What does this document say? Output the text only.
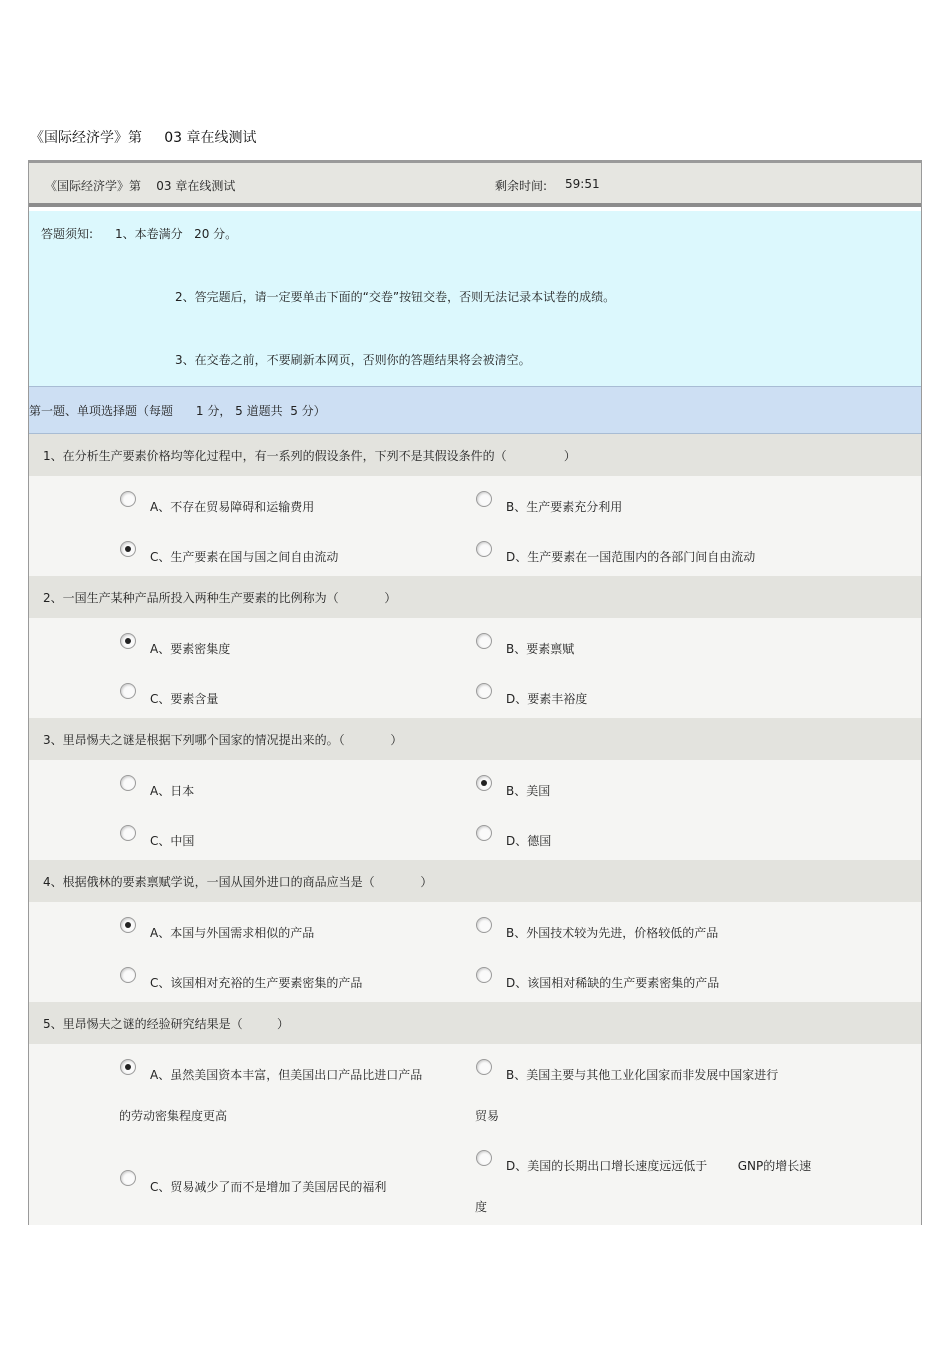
《国际经济学》第     03 章在线测试
《国际经济学》第    03 章在线测试	剩余时间: 59:51
答题须知: 1、本卷满分   20 分。
2、答完题后，请一定要单击下面的“交卷”按钮交卷，否则无法记录本试卷的成绩。
3、在交卷之前，不要刷新本网页，否则你的答题结果将会被清空。
第一题、单项选择题（每题      1 分， 5 道题共  5 分）
1、在分析生产要素价格均等化过程中，有一系列的假设条件，下列不是其假设条件的（               ）
A、不存在贸易障碍和运输费用	B、生产要素充分利用
C、生产要素在国与国之间自由流动	D、生产要素在一国范围内的各部门间自由流动
2、一国生产某种产品所投入两种生产要素的比例称为（            ）
A、要素密集度	B、要素禀赋
C、要素含量	D、要素丰裕度
3、里昂惕夫之谜是根据下列哪个国家的情况提出来的。（            ）
A、日本	B、美国
C、中国	D、德国
4、根据俄林的要素禀赋学说，一国从国外进口的商品应当是（            ）
A、本国与外国需求相似的产品	B、外国技术较为先进，价格较低的产品
C、该国相对充裕的生产要素密集的产品	D、该国相对稀缺的生产要素密集的产品
5、里昂惕夫之谜的经验研究结果是（         ）
A、虽然美国资本丰富，但美国出口产品比进口产品
的劳动密集程度更高
B、美国主要与其他工业化国家而非发展中国家进行
贸易
C、贸易减少了而不是增加了美国居民的福利
D、美国的长期出口增长速度远远低于        GNP的增长速
度
